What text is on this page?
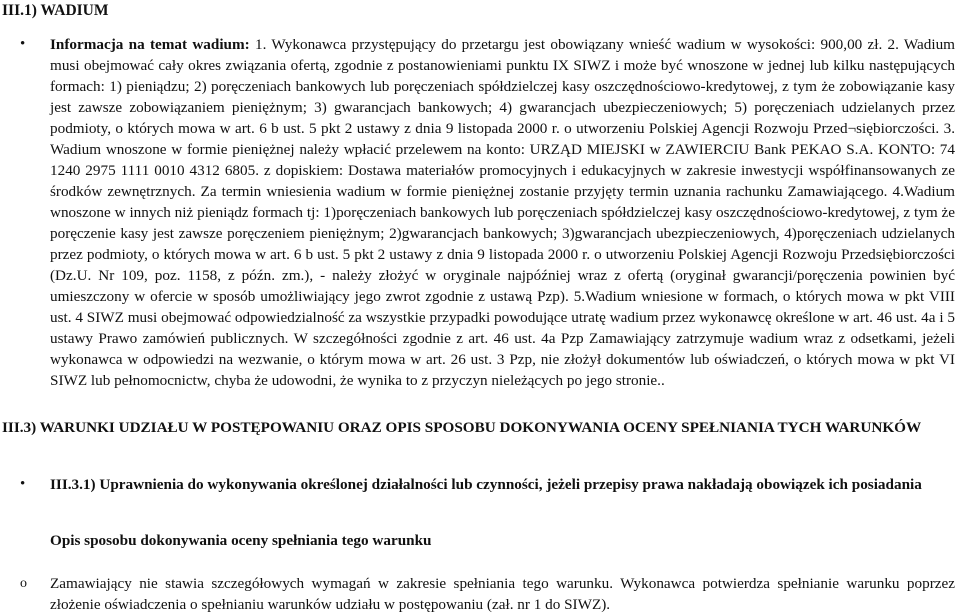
III.1) WADIUM
• Informacja na temat wadium: 1. Wykonawca przystępujący do przetargu jest obowiązany wnieść wadium w wysokości: 900,00 zł. 2. Wadium musi obejmować cały okres związania ofertą, zgodnie z postanowieniami punktu IX SIWZ i może być wnoszone w jednej lub kilku następujących formach: 1) pieniądzu; 2) poręczeniach bankowych lub poręczeniach spółdzielczej kasy oszczędnościowo-kredytowej, z tym że zobowiązanie kasy jest zawsze zobowiązaniem pieniężnym; 3) gwarancjach bankowych; 4) gwarancjach ubezpieczeniowych; 5) poręczeniach udzielanych przez podmioty, o których mowa w art. 6 b ust. 5 pkt 2 ustawy z dnia 9 listopada 2000 r. o utworzeniu Polskiej Agencji Rozwoju Przed¬siębiorczości. 3. Wadium wnoszone w formie pieniężnej należy wpłacić przelewem na konto: URZĄD MIEJSKI w ZAWIERCIU Bank PEKAO S.A. KONTO: 74 1240 2975 1111 0010 4312 6805. z dopiskiem: Dostawa materiałów promocyjnych i edukacyjnych w zakresie inwestycji współfinansowanych ze środków zewnętrznych. Za termin wniesienia wadium w formie pieniężnej zostanie przyjęty termin uznania rachunku Zamawiającego. 4.Wadium wnoszone w innych niż pieniądz formach tj: 1)poręczeniach bankowych lub poręczeniach spółdzielczej kasy oszczędnościowo-kredytowej, z tym że poręczenie kasy jest zawsze poręczeniem pieniężnym; 2)gwarancjach bankowych; 3)gwarancjach ubezpieczeniowych, 4)poręczeniach udzielanych przez podmioty, o których mowa w art. 6 b ust. 5 pkt 2 ustawy z dnia 9 listopada 2000 r. o utworzeniu Polskiej Agencji Rozwoju Przedsiębiorczości (Dz.U. Nr 109, poz. 1158, z późn. zm.), - należy złożyć w oryginale najpóźniej wraz z ofertą (oryginał gwarancji/poręczenia powinien być umieszczony w ofercie w sposób umożliwiający jego zwrot zgodnie z ustawą Pzp). 5.Wadium wniesione w formach, o których mowa w pkt VIII ust. 4 SIWZ musi obejmować odpowiedzialność za wszystkie przypadki powodujące utratę wadium przez wykonawcę określone w art. 46 ust. 4a i 5 ustawy Prawo zamówień publicznych. W szczegółności zgodnie z art. 46 ust. 4a Pzp Zamawiający zatrzymuje wadium wraz z odsetkami, jeżeli wykonawca w odpowiedzi na wezwanie, o którym mowa w art. 26 ust. 3 Pzp, nie złożył dokumentów lub oświadczeń, o których mowa w pkt VI SIWZ lub pełnomocnictw, chyba że udowodni, że wynika to z przyczyn nieleżących po jego stronie..
III.3) WARUNKI UDZIAŁU W POSTĘPOWANIU ORAZ OPIS SPOSOBU DOKONYWANIA OCENY SPEŁNIANIA TYCH WARUNKÓW
• III.3.1) Uprawnienia do wykonywania określonej działalności lub czynności, jeżeli przepisy prawa nakładają obowiązek ich posiadania
Opis sposobu dokonywania oceny spełniania tego warunku
o Zamawiający nie stawia szczegółowych wymagań w zakresie spełniania tego warunku. Wykonawca potwierdza spełnianie warunku poprzez złożenie oświadczenia o spełnianiu warunków udziału w postępowaniu (zał. nr 1 do SIWZ).
